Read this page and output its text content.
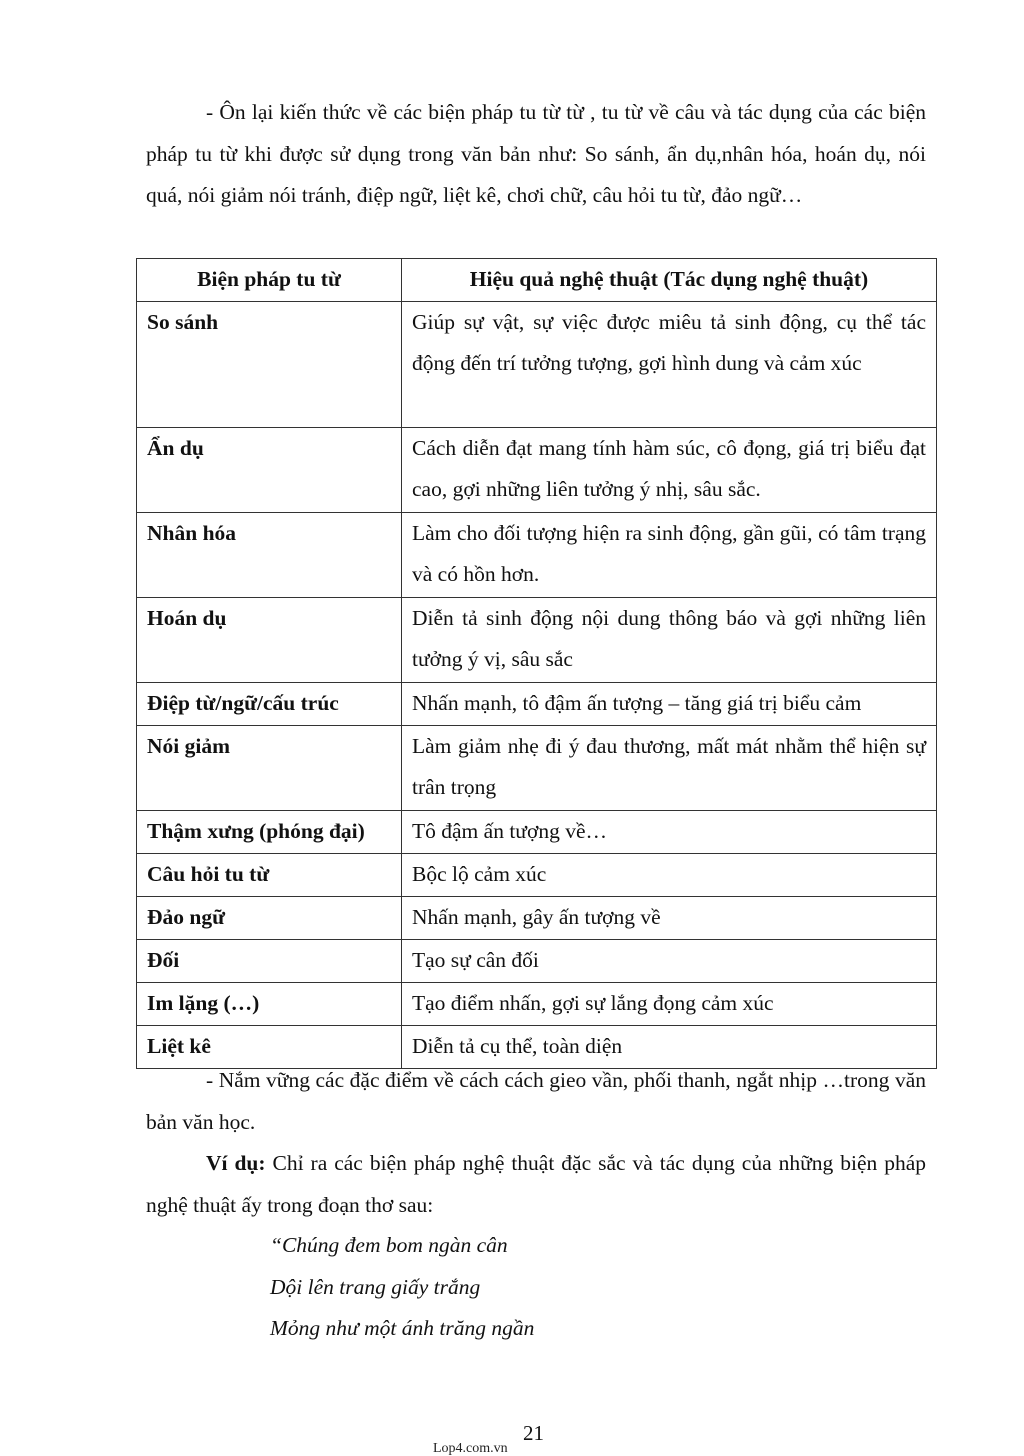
- Ôn lại kiến thức về các biện pháp tu từ từ , tu từ về câu và tác dụng của các biện pháp tu từ khi được sử dụng trong văn bản như: So sánh, ẩn dụ,nhân hóa, hoán dụ, nói quá, nói giảm nói tránh, điệp ngữ, liệt kê, chơi chữ, câu hỏi tu từ, đảo ngữ…

Biện pháp tu từ	Hiệu quả nghệ thuật (Tác dụng nghệ thuật)
So sánh	Giúp sự vật, sự việc được miêu tả sinh động, cụ thể tác động đến trí tưởng tượng, gợi hình dung và cảm xúc
Ẩn dụ	Cách diễn đạt mang tính hàm súc, cô đọng, giá trị biểu đạt cao, gợi những liên tưởng ý nhị, sâu sắc.
Nhân hóa	Làm cho đối tượng hiện ra sinh động, gần gũi, có tâm trạng và có hồn hơn.
Hoán dụ	Diễn tả sinh động nội dung thông báo và gợi những liên tưởng ý vị, sâu sắc
Điệp từ/ngữ/cấu trúc	Nhấn mạnh, tô đậm ấn tượng – tăng giá trị biểu cảm
Nói giảm	Làm giảm nhẹ đi ý đau thương, mất mát nhằm thể hiện sự trân trọng
Thậm xưng (phóng đại)	Tô đậm ấn tượng về…
Câu hỏi tu từ	Bộc lộ cảm xúc
Đảo ngữ	Nhấn mạnh, gây ấn tượng về
Đối	Tạo sự cân đối
Im lặng (…)	Tạo điểm nhấn, gợi sự lắng đọng cảm xúc
Liệt kê	Diễn tả cụ thể, toàn diện

- Nắm vững các đặc điểm về cách cách gieo vần, phối thanh, ngắt nhịp …trong văn bản văn học.

Ví dụ: Chỉ ra các biện pháp nghệ thuật đặc sắc và tác dụng của những biện pháp nghệ thuật ấy trong đoạn thơ sau:

“Chúng đem bom ngàn cân
Dội lên trang giấy trắng
Mỏng như một ánh trăng ngần
21
Lop4.com.vn
